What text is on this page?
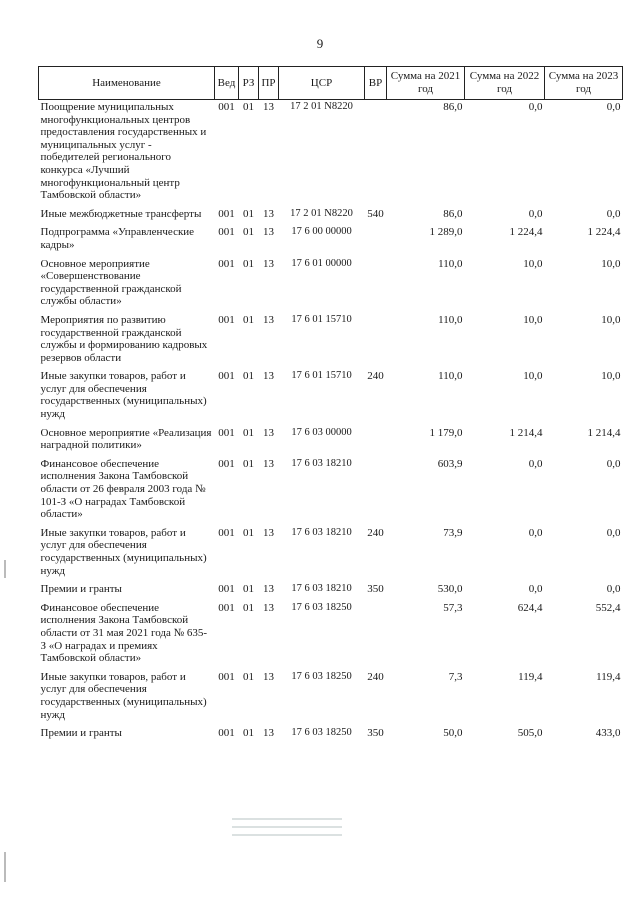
9
Наименование	Вед	РЗ	ПР	ЦСР	ВР	Сумма на 2021 год	Сумма на 2022 год	Сумма на 2023 год
Поощрение муниципальных многофункциональных центров предоставления государственных и муниципальных услуг - победителей регионального конкурса «Лучший многофункциональный центр Тамбовской области»	001	01	13	17 2 01 N8220		86,0	0,0	0,0
Иные межбюджетные трансферты	001	01	13	17 2 01 N8220	540	86,0	0,0	0,0
Подпрограмма «Управленческие кадры»	001	01	13	17 6 00 00000		1 289,0	1 224,4	1 224,4
Основное мероприятие «Совершенствование государственной гражданской службы области»	001	01	13	17 6 01 00000		110,0	10,0	10,0
Мероприятия по развитию государственной гражданской службы и формированию кадровых резервов области	001	01	13	17 6 01 15710		110,0	10,0	10,0
Иные закупки товаров, работ и услуг для обеспечения государственных (муниципальных) нужд	001	01	13	17 6 01 15710	240	110,0	10,0	10,0
Основное мероприятие «Реализация наградной политики»	001	01	13	17 6 03 00000		1 179,0	1 214,4	1 214,4
Финансовое обеспечение исполнения Закона Тамбовской области от 26 февраля 2003 года № 101-З «О наградах Тамбовской области»	001	01	13	17 6 03 18210		603,9	0,0	0,0
Иные закупки товаров, работ и услуг для обеспечения государственных (муниципальных) нужд	001	01	13	17 6 03 18210	240	73,9	0,0	0,0
Премии и гранты	001	01	13	17 6 03 18210	350	530,0	0,0	0,0
Финансовое обеспечение исполнения Закона Тамбовской области от 31 мая 2021 года № 635-З «О наградах и премиях Тамбовской области»	001	01	13	17 6 03 18250		57,3	624,4	552,4
Иные закупки товаров, работ и услуг для обеспечения государственных (муниципальных) нужд	001	01	13	17 6 03 18250	240	7,3	119,4	119,4
Премии и гранты	001	01	13	17 6 03 18250	350	50,0	505,0	433,0
